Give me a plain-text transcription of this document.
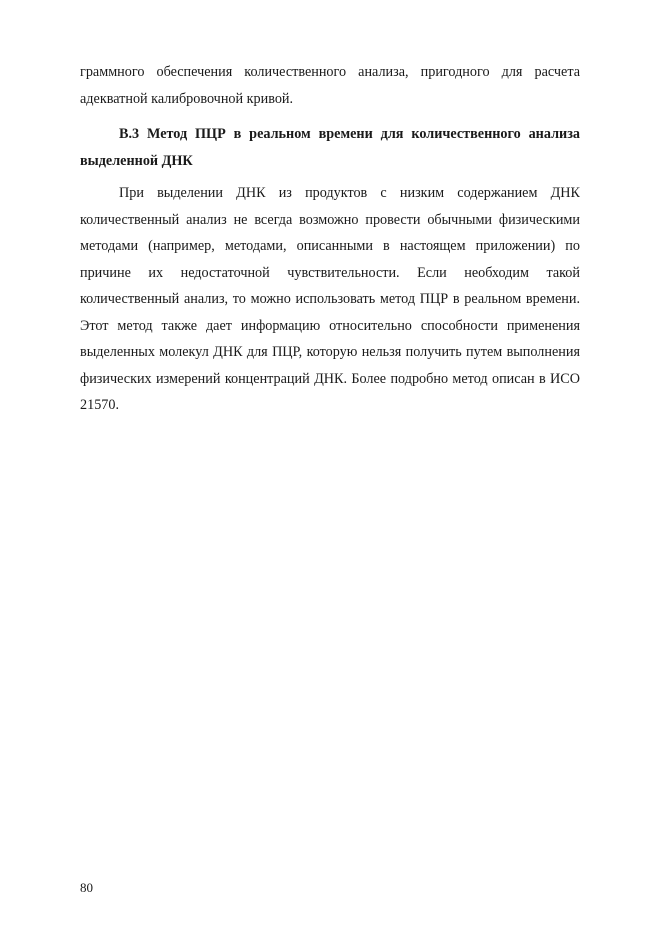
граммного обеспечения количественного анализа, пригодного для расчета адекватной калибровочной кривой.

B.3 Метод ПЦР в реальном времени для количественного анализа выделенной ДНК

При выделении ДНК из продуктов с низким содержанием ДНК количественный анализ не всегда возможно провести обычными физическими методами (например, методами, описанными в настоящем приложении) по причине их недостаточной чувствительности. Если необходим такой количественный анализ, то можно использовать метод ПЦР в реальном времени. Этот метод также дает информацию относительно способности применения выделенных молекул ДНК для ПЦР, которую нельзя получить путем выполнения физических измерений концентраций ДНК. Более подробно метод описан в ИСО 21570.

80
